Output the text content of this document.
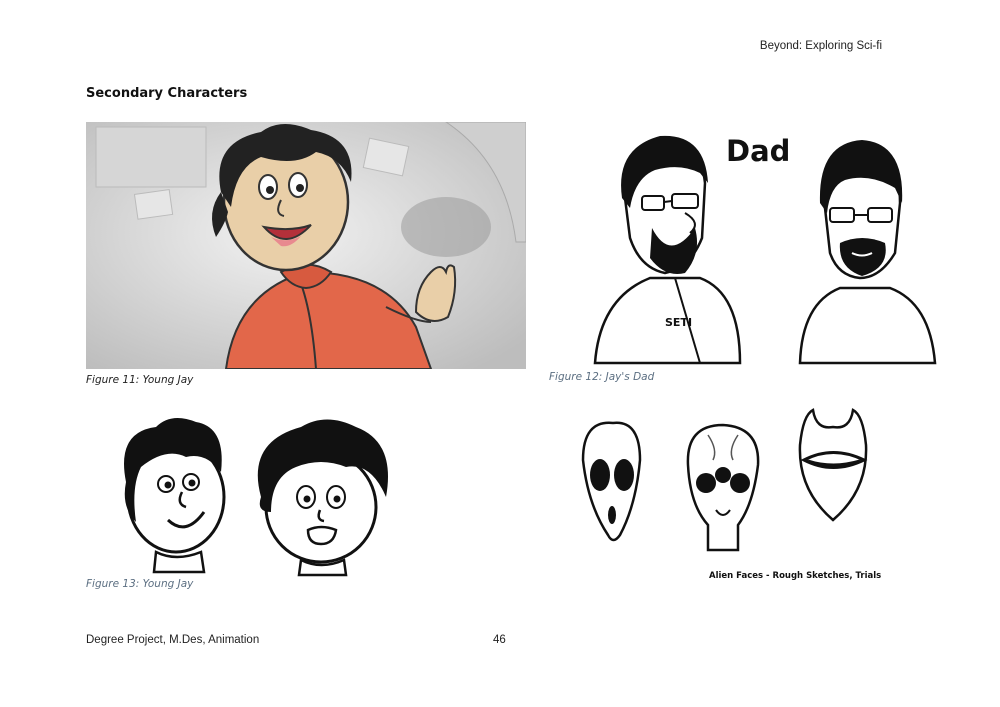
Beyond: Exploring Sci-fi
Secondary Characters
Figure 11: Young Jay
SETI
Dad
Figure 12: Jay's Dad
Figure 13: Young Jay
Alien Faces - Rough Sketches, Trials
Degree Project, M.Des, Animation	46
